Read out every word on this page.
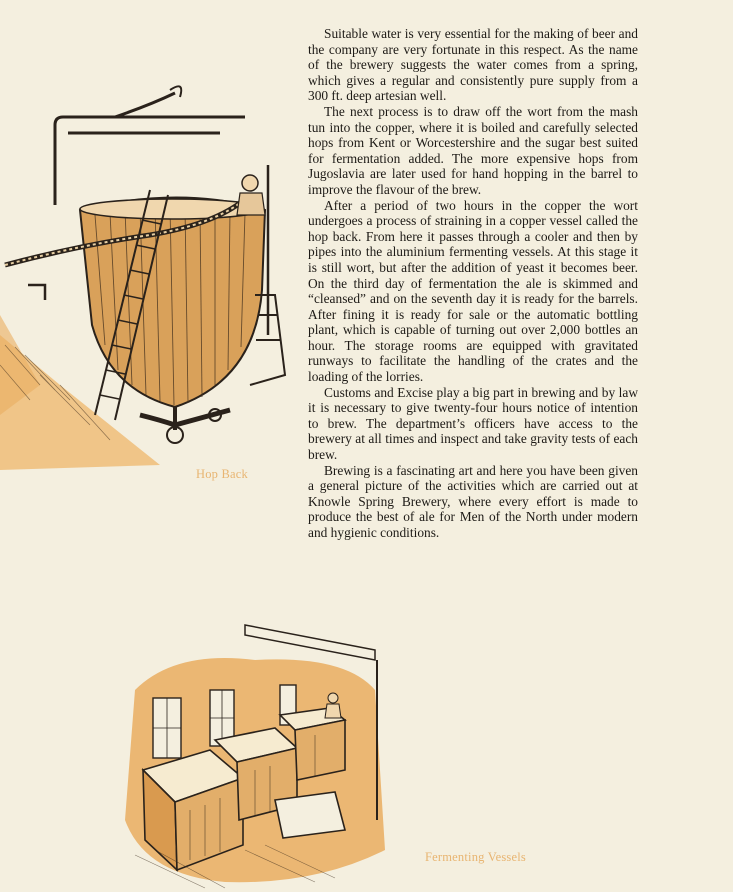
Suitable water is very essential for the making of beer and the company are very fortunate in this respect. As the name of the brewery suggests the water comes from a spring, which gives a regular and consistently pure supply from a 300 ft. deep artesian well.

The next process is to draw off the wort from the mash tun into the copper, where it is boiled and carefully selected hops from Kent or Worcestershire and the sugar best suited for fermentation added. The more expensive hops from Jugoslavia are later used for hand hopping in the barrel to improve the flavour of the brew.

After a period of two hours in the copper the wort undergoes a process of straining in a copper vessel called the hop back. From here it passes through a cooler and then by pipes into the aluminium fermenting vessels. At this stage it is still wort, but after the addition of yeast it becomes beer. On the third day of fermentation the ale is skimmed and “cleansed” and on the seventh day it is ready for the barrels. After fining it is ready for sale or the automatic bottling plant, which is capable of turning out over 2,000 bottles an hour. The storage rooms are equipped with gravitated runways to facilitate the handling of the crates and the loading of the lorries.

Customs and Excise play a big part in brewing and by law it is necessary to give twenty-four hours notice of intention to brew. The department’s officers have access to the brewery at all times and inspect and take gravity tests of each brew.

Brewing is a fascinating art and here you have been given a general picture of the activities which are carried out at Knowle Spring Brewery, where every effort is made to produce the best of ale for Men of the North under modern and hygienic conditions.

Hop Back
Fermenting Vessels
